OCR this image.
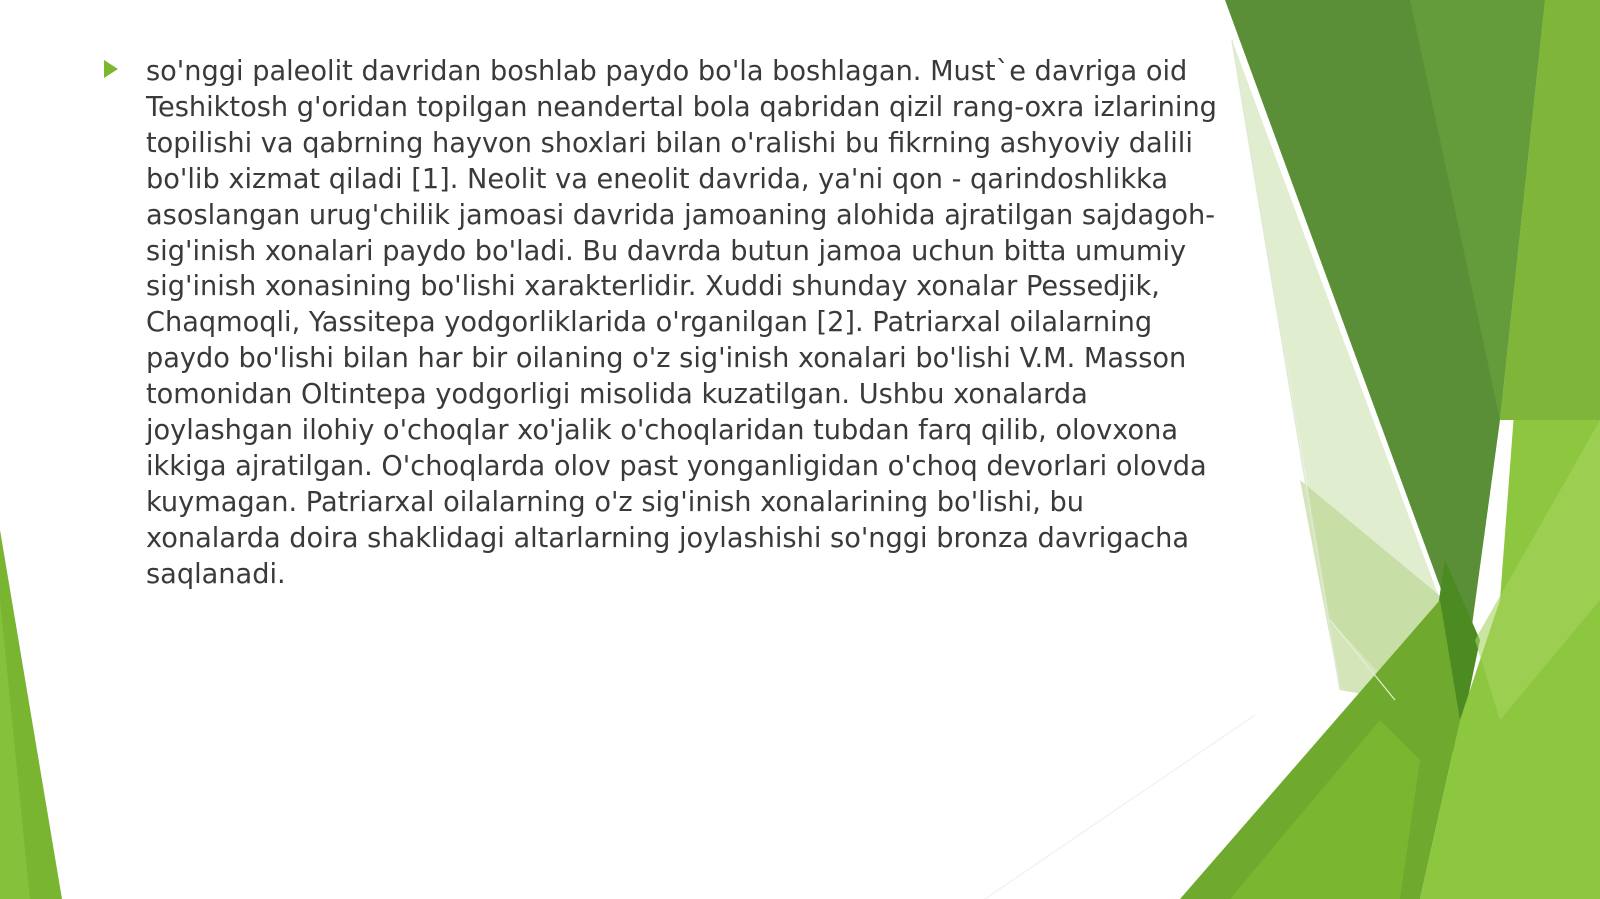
so'nggi paleolit davridan boshlab paydo bo'la boshlagan. Must`e davriga oid Teshiktosh g'oridan topilgan neandertal bola qabridan qizil rang-oxra izlarining topilishi va qabrning hayvon shoxlari bilan o'ralishi bu fikrning ashyoviy dalili bo'lib xizmat qiladi [1]. Neolit va eneolit davrida, ya'ni qon - qarindoshlikka asoslangan urug'chilik jamoasi davrida jamoaning alohida ajratilgan sajdagoh-sig'inish xonalari paydo bo'ladi. Bu davrda butun jamoa uchun bitta umumiy sig'inish xonasining bo'lishi xarakterlidir. Xuddi shunday xonalar Pessedjik, Chaqmoqli, Yassitepa yodgorliklarida o'rganilgan [2]. Patriarxal oilalarning paydo bo'lishi bilan har bir oilaning o'z sig'inish xonalari bo'lishi V.M. Masson tomonidan Oltintepa yodgorligi misolida kuzatilgan. Ushbu xonalarda joylashgan ilohiy o'choqlar xo'jalik o'choqlaridan tubdan farq qilib, olovxona ikkiga ajratilgan. O'choqlarda olov past yonganligidan o'choq devorlari olovda kuymagan. Patriarxal oilalarning o'z sig'inish xonalarining bo'lishi, bu xonalarda doira shaklidagi altarlarning joylashishi so'nggi bronza davrigacha saqlanadi.
